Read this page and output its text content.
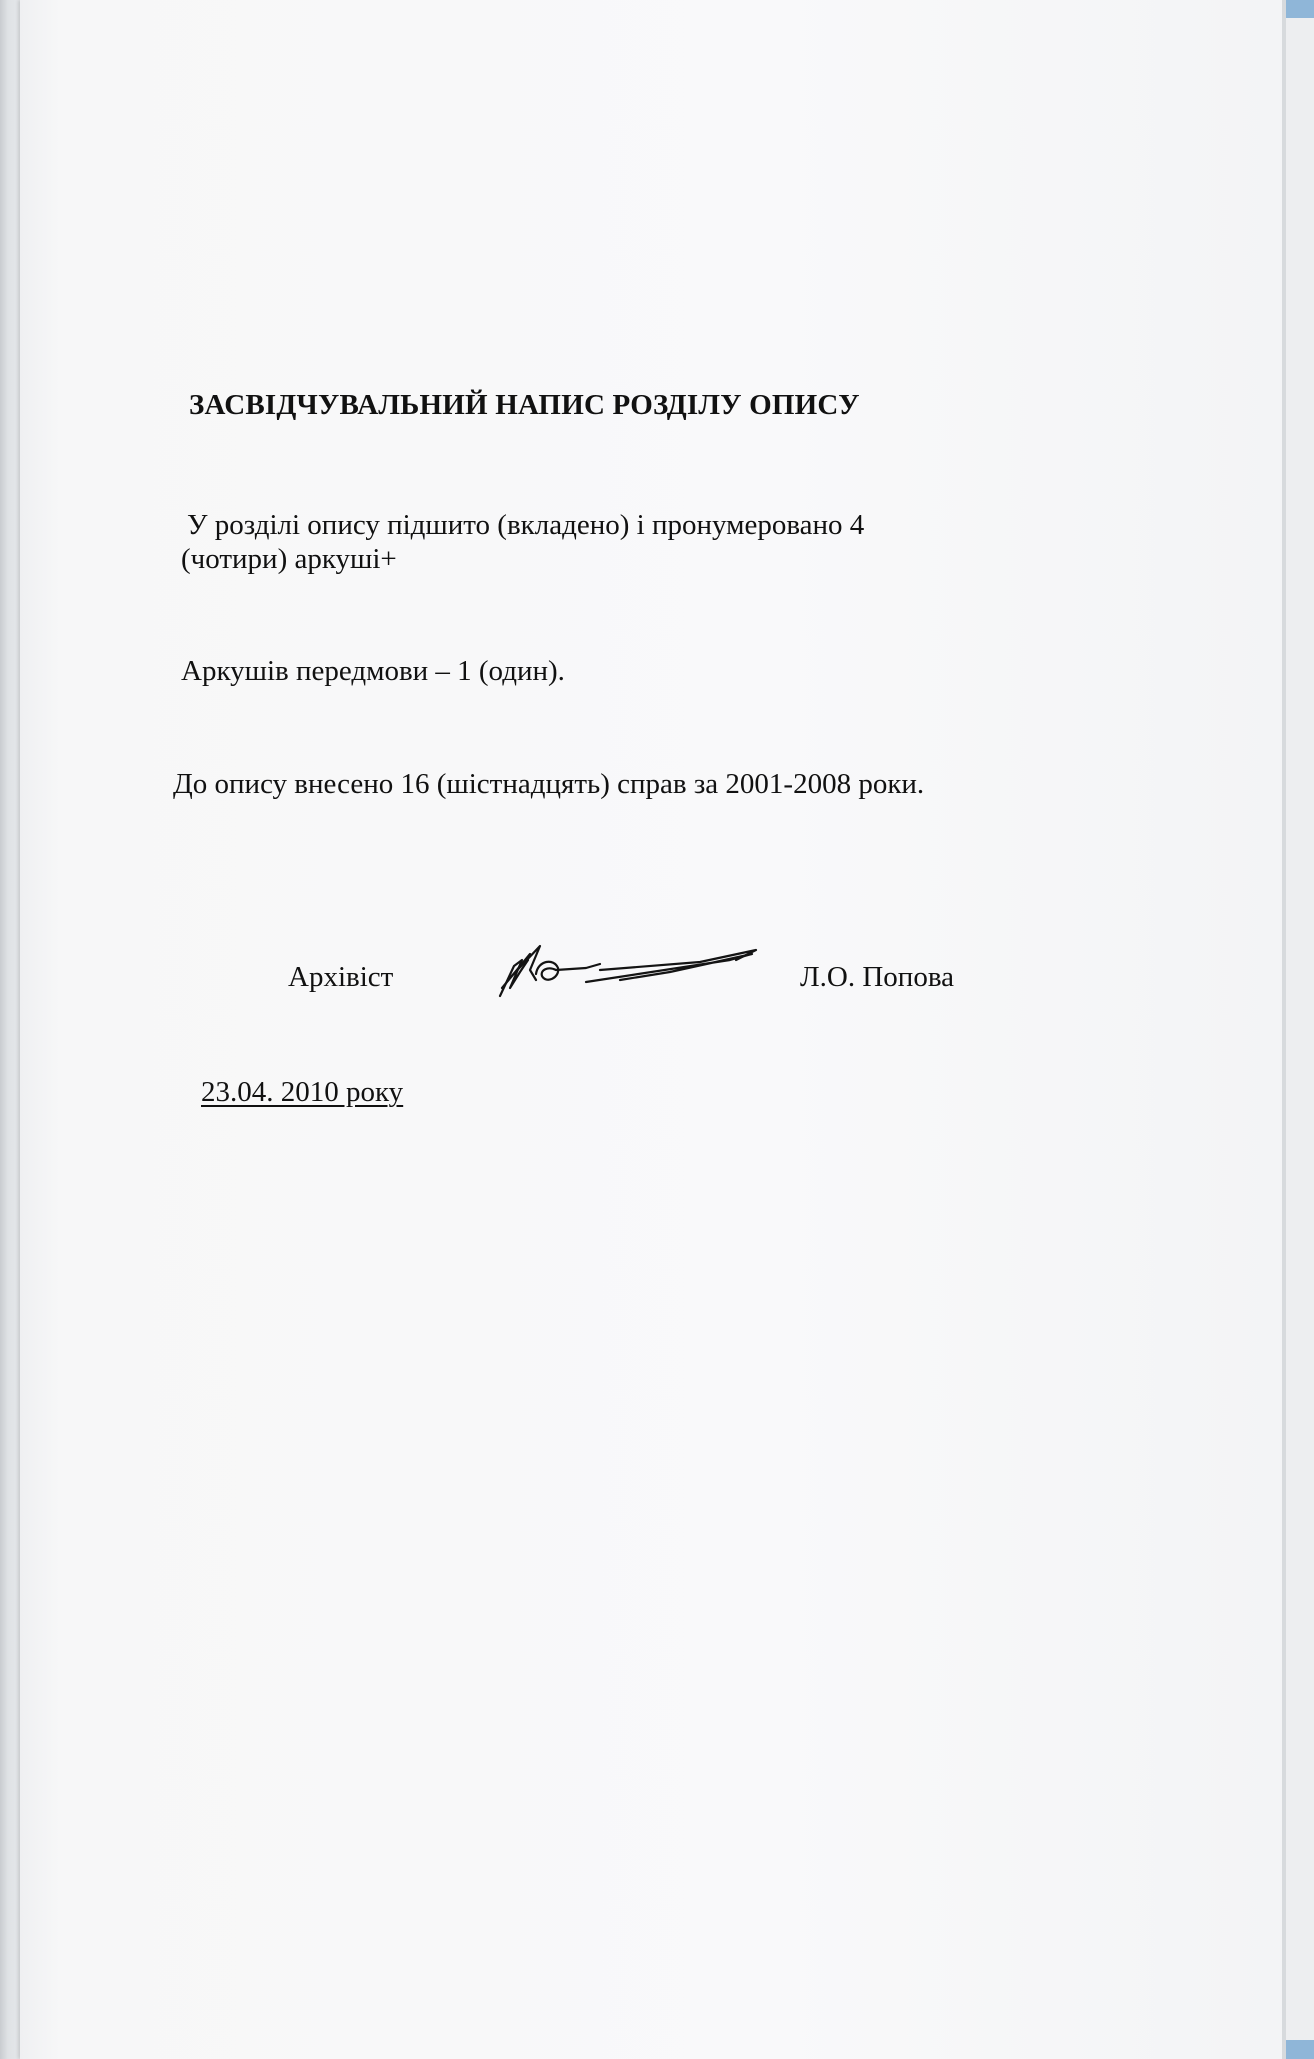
ЗАСВІДЧУВАЛЬНИЙ НАПИС РОЗДІЛУ ОПИСУ

У розділі опису підшито (вкладено) і пронумеровано 4

(чотири) аркуші+

Аркушів передмови – 1 (один).

До опису внесено 16 (шістнадцять) справ за 2001-2008 роки.

Архівіст	Л.О. Попова

23.04. 2010 року
